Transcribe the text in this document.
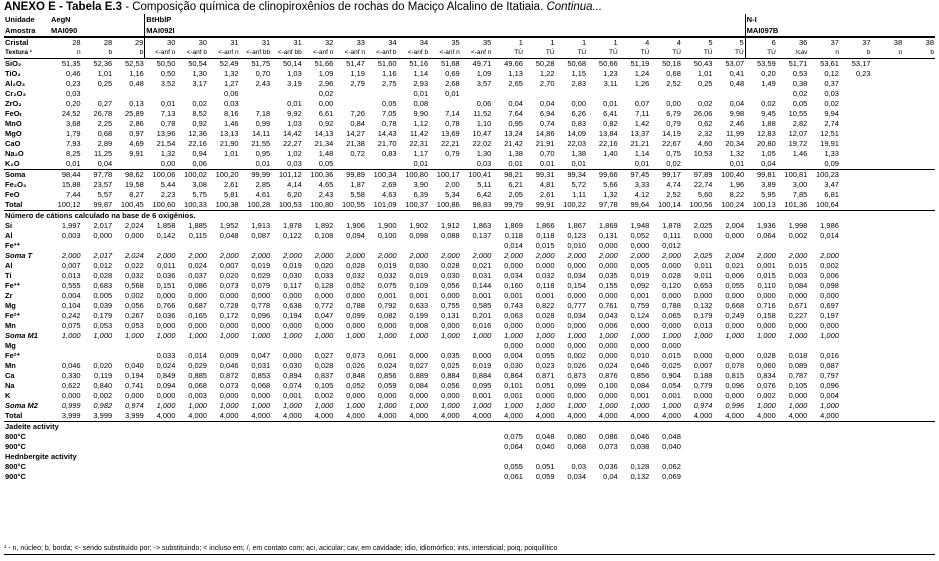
ANEXO E - Tabela E.3 - Composição química de clinopiroxênios de rochas do Maciço Alcalino de Itatiaia. Continua...
Unidade	AegN			BtHblP																			N-I					
Amostra	MAI090			MAI092I																			MAI097B					
Cristal	28	28	29	30	30	31	31	31	32	33	34	34	35	35	1	1	1	1	4	4	5	5	6	36	37	37	38	38
Textura ¹	n	b	b	<-anf n	<-anf b	<-anf n	<-anf bb	<-anf bb	<-anf n	<-anf n	<-anf b	<-anf b	<-anf n	<-anf n	TÚ	TÚ	TÚ	TÚ	TÚ	TÚ	TÚ	TÚ	TÚ	/cav	n	b	n	b
SiO₂	51,35	52,36	52,53	50,50	50,54	52,49	51,75	50,14	51,66	51,47	51,60	51,16	51,68	49,71	49,66	50,28	50,68	50,66	51,19	50,18	50,43	53,07	53,59	51,71	53,61	53,17		
TiO₂	0,46	1,01	1,16	0,50	1,30	1,32	0,70	1,03	1,09	1,19	1,16	1,14	0,69	1,09	1,13	1,22	1,15	1,23	1,24	0,68	1,01	0,41	0,20	0,53	0,12	0,23		
Al₂O₃	0,23	0,25	0,48	3,52	3,17	1,27	2,43	3,19	2,96	2,79	2,75	2,93	2,68	3,57	2,65	2,70	2,83	3,11	1,26	2,52	0,25	0,48	1,49	0,38	0,37			
Cr₂O₃	0,03					0,06			0,02			0,01	0,01											0,02	0,03			
ZrO₂	0,20	0,27	0,13	0,01	0,02	0,03		0,01	0,00		0,05	0,08		0,06	0,04	0,04	0,00	0,01	0,07	0,00	0,02	0,04	0,02	0,05	0,02			
FeOₜ	24,52	26,78	25,89	7,13	8,52	8,16	7,18	9,92	6,61	7,26	7,05	9,90	7,14	11,52	7,64	6,94	6,26	6,41	7,11	6,79	26,06	9,98	9,45	10,55	9,94			
MnO	3,68	2,25	2,86	0,78	0,92	1,46	0,99	1,03	0,92	0,84	0,78	1,12	0,78	1,10	0,95	0,74	0,83	0,82	1,42	0,79	0,62	2,46	1,88	2,82	2,74			
MgO	1,79	0,68	0,97	13,96	12,36	13,13	14,11	14,42	14,13	14,27	14,43	11,42	13,69	10,47	13,24	14,86	14,09	13,84	13,37	14,19	2,32	11,99	12,83	12,07	12,51			
CaO	7,93	2,89	4,69	21,54	22,16	21,90	21,55	22,27	21,34	21,38	21,70	22,31	22,21	22,02	21,42	21,91	22,03	22,16	21,21	22,67	4,60	20,34	20,80	19,72	19,91			
Na₂O	8,25	11,25	9,91	1,32	0,94	1,01	0,95	1,02	1,48	0,72	0,83	1,17	0,79	1,30	1,38	0,70	1,38	1,40	1,14	0,75	10,53	1,32	1,05	1,46	1,33			
K₂O	0,01	0,04		0,00	0,06		0,01	0,03	0,05			0,01		0,03	0,01	0,01	0,01		0,01	0,02		0,01	0,04		0,09			
Soma	98,44	97,78	98,62	100,06	100,02	100,20	99,99	101,12	100,36	99,89	100,34	100,80	100,17	100,41	98,21	99,31	99,34	99,66	97,45	99,17	97,89	100,40	99,81	100,81	100,23			
Fe₂O₃	15,88	23,57	19,58	5,44	3,08	2,61	2,85	4,14	4,65	1,87	2,69	3,90	2,00	5,11	6,21	4,81	5,72	5,66	3,33	4,74	22,74	1,96	3,89	3,00	3,47			
FeO	7,44	5,57	8,27	2,23	5,75	5,81	4,61	6,20	2,43	5,58	4,63	6,39	5,34	6,42	2,05	2,61	1,11	1,32	4,12	2,52	5,60	8,22	5,95	7,85	6,81			
Total	100,12	99,87	100,45	100,60	100,33	100,38	100,28	100,53	100,80	100,55	101,09	100,37	100,86	98,83	99,79	99,91	100,22	97,78	99,64	100,14	100,56	100,24	100,13	101,36	100,64			
Número de cátions calculado na base de 6 oxigênios.																												
Si	1,997	2,017	2,024	1,858	1,885	1,952	1,913	1,878	1,892	1,906	1,900	1,902	1,912	1,863	1,869	1,866	1,867	1,869	1,948	1,878	2,025	2,004	1,936	1,998	1,986			
Al	0,003	0,000	0,000	0,142	0,115	0,048	0,087	0,122	0,108	0,094	0,100	0,098	0,088	0,137	0,118	0,118	0,123	0,131	0,052	0,111	0,000	0,000	0,064	0,002	0,014			
Fe³⁺															0,014	0,015	0,010	0,000	0,000	0,012								
Soma T	2,000	2,017	2,024	2,000	2,000	2,000	2,000	2,000	2,000	2,000	2,000	2,000	2,000	2,000	2,000	2,000	2,000	2,000	2,000	2,000	2,025	2,004	2,000	2,000	2,000			
Al	0,007	0,012	0,022	0,011	0,024	0,007	0,019	0,019	0,020	0,028	0,019	0,030	0,028	0,021	0,000	0,000	0,000	0,000	0,005	0,000	0,011	0,021	0,001	0,015	0,002			
Ti	0,013	0,028	0,032	0,036	0,037	0,020	0,029	0,030	0,033	0,032	0,032	0,019	0,030	0,031	0,034	0,032	0,034	0,035	0,019	0,028	0,011	0,006	0,015	0,003	0,006			
Fe³⁺	0,555	0,683	0,568	0,151	0,086	0,073	0,079	0,117	0,128	0,052	0,075	0,109	0,056	0,144	0,160	0,118	0,154	0,155	0,092	0,120	0,653	0,055	0,110	0,084	0,098			
Zr	0,004	0,005	0,002	0,000	0,000	0,000	0,000	0,000	0,000	0,000	0,001	0,001	0,000	0,001	0,001	0,001	0,000	0,000	0,001	0,000	0,000	0,000	0,000	0,000	0,000			
Mg	0,104	0,039	0,056	0,766	0,687	0,728	0,778	0,638	0,772	0,788	0,792	0,633	0,755	0,585	0,743	0,822	0,777	0,761	0,759	0,788	0,132	0,668	0,716	0,671	0,697			
Fe²⁺	0,242	0,179	0,267	0,036	0,165	0,172	0,096	0,194	0,047	0,099	0,082	0,199	0,131	0,201	0,063	0,028	0,034	0,043	0,124	0,065	0,179	0,249	0,158	0,227	0,197			
Mn	0,075	0,053	0,053	0,000	0,000	0,000	0,000	0,000	0,000	0,000	0,000	0,008	0,000	0,016	0,000	0,000	0,000	0,006	0,000	0,000	0,013	0,000	0,000	0,000	0,000			
Soma M1	1,000	1,000	1,000	1,000	1,000	1,000	1,000	1,000	1,000	1,000	1,000	1,000	1,000	1,000	1,000	1,000	1,000	1,000	1,000	1,000	1,000	1,000	1,000	1,000	1,000			
Mg															0,000	0,000	0,000	0,000	0,000	0,000								
Fe²⁺				0,033	0,014	0,009	0,047	0,000	0,027	0,073	0,061	0,000	0,035	0,000	0,004	0,055	0,002	0,000	0,010	0,015	0,000	0,000	0,028	0,018	0,016			
Mn	0,046	0,020	0,040	0,024	0,029	0,046	0,031	0,030	0,028	0,026	0,024	0,027	0,025	0,019	0,030	0,023	0,026	0,024	0,046	0,025	0,007	0,078	0,060	0,089	0,087			
Ca	0,330	0,119	0,194	0,849	0,885	0,872	0,853	0,894	0,837	0,848	0,856	0,889	0,884	0,884	0,864	0,871	0,873	0,876	0,856	0,904	0,188	0,815	0,834	0,787	0,797			
Na	0,622	0,840	0,741	0,094	0,068	0,073	0,068	0,074	0,105	0,052	0,059	0,084	0,056	0,095	0,101	0,051	0,099	0,100	0,084	0,054	0,779	0,096	0,076	0,105	0,096			
K	0,000	0,002	0,000	0,000	0,003	0,000	0,000	0,001	0,002	0,000	0,000	0,000	0,000	0,001	0,001	0,000	0,000	0,000	0,001	0,001	0,000	0,000	0,002	0,000	0,004			
Soma M2	0,999	0,982	0,974	1,000	1,000	1,000	1,000	1,000	1,000	1,000	1,000	1,000	1,000	1,000	1,000	1,000	1,000	1,000	1,000	1,000	0,974	0,996	1,000	1,000	1,000			
Total	3,999	3,999	3,999	4,000	4,000	4,000	4,000	4,000	4,000	4,000	4,000	4,000	4,000	4,000	4,000	4,000	4,000	4,000	4,000	4,000	4,000	4,000	4,000	4,000	4,000			
Jadeíte activity																												
800°C															0,075	0,048	0,080	0,086	0,046	0,048								
900°C															0,064	0,040	0,068	0,073	0,038	0,040								
Hednbergite activity																												
800°C															0,055	0,051	0,03	0,036	0,128	0,062								
900°C															0,061	0,059	0,034	0,04	0,132	0,069								
¹ - n, núcleo; b, borda; <- sendo substituído por; -> substituindo; < incluso em; /, em contato com; aci, acicular; cav, em cavidade; idio, idiomórfico; ints, intersticial; poiq, poiquilítico
